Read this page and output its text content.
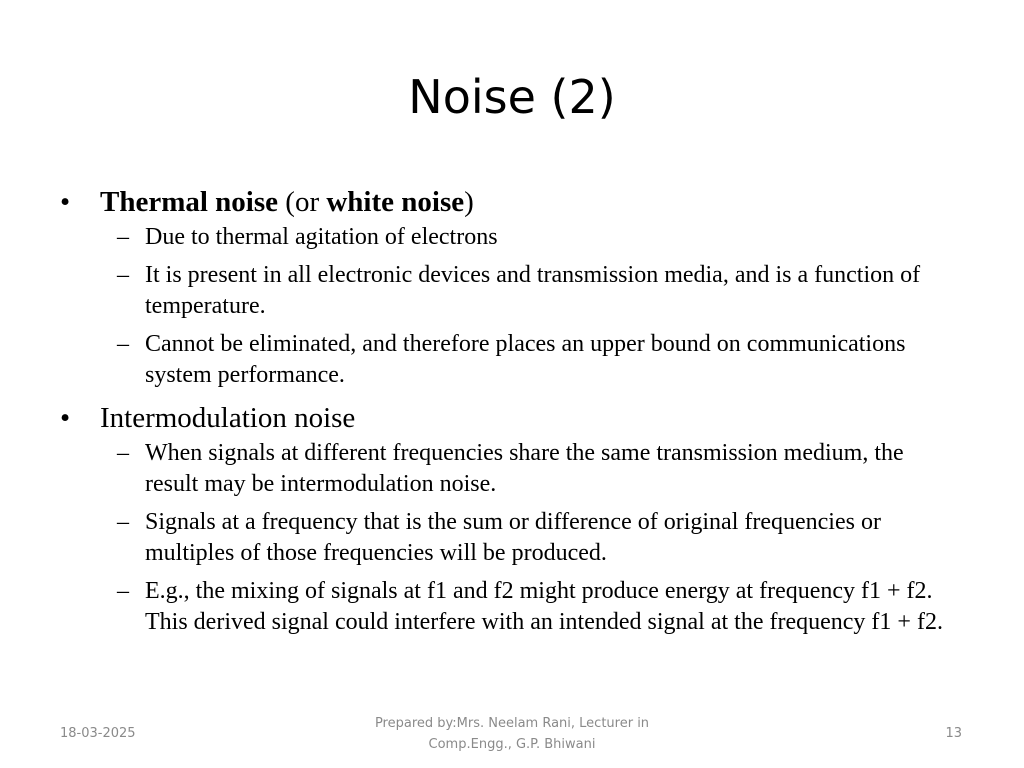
Noise (2)
•	Thermal noise (or white noise)
– Due to thermal agitation of electrons
– It is present in all electronic devices and transmission media, and is a function of temperature.
– Cannot be eliminated, and therefore places an upper bound on communications system performance.
•	Intermodulation noise
– When signals at different frequencies share the same transmission medium, the result may be intermodulation noise.
– Signals at a frequency that is the sum or difference of original frequencies or multiples of those frequencies will be produced.
– E.g., the mixing of signals at f1 and f2 might produce energy at frequency f1 + f2. This derived signal could interfere with an intended signal at the frequency f1 + f2.
18-03-2025
Prepared by:Mrs. Neelam Rani, Lecturer in
Comp.Engg., G.P. Bhiwani
13
